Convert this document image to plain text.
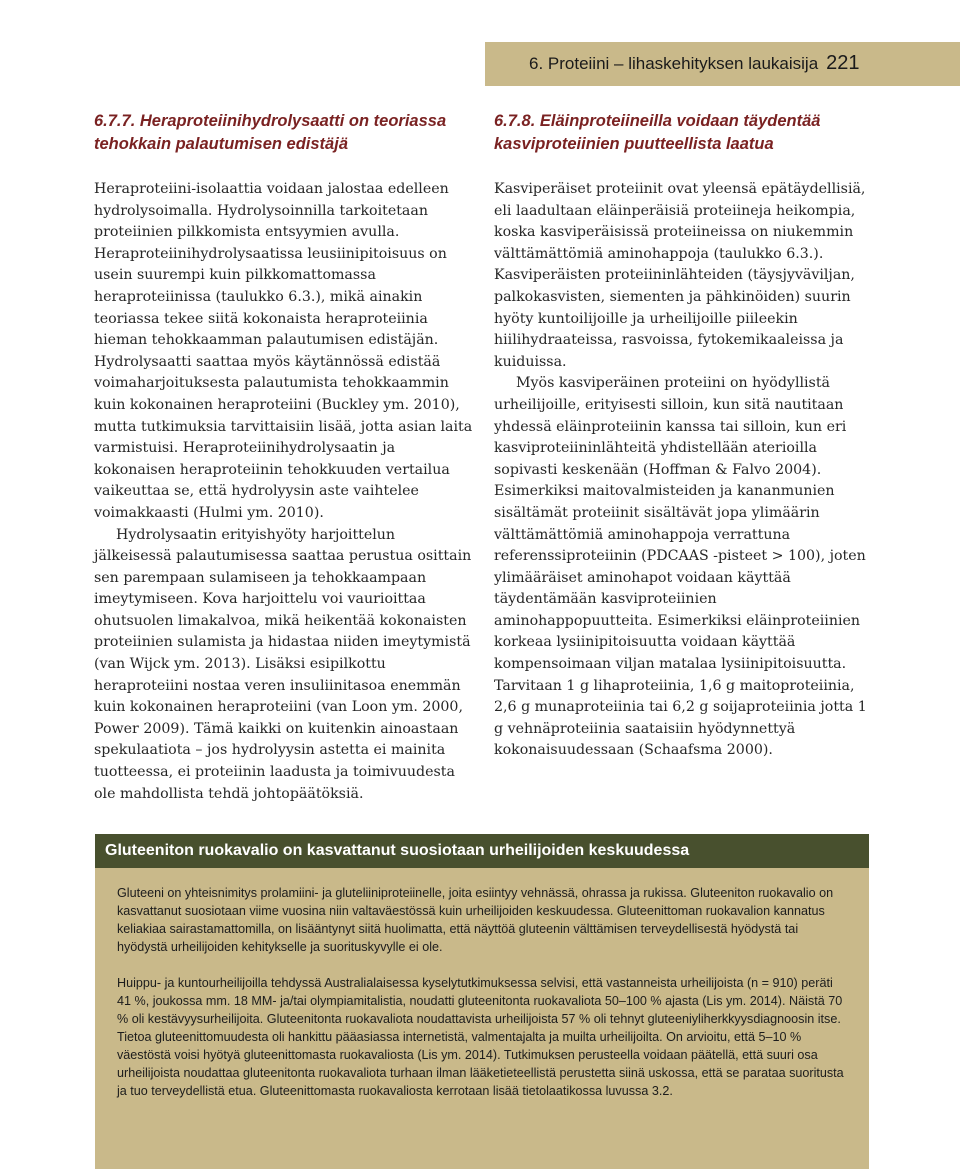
6. Proteiini – lihaskehityksen laukaisija 221
6.7.7. Heraproteiinihydrolysaatti on teoriassa tehokkain palautumisen edistäjä

Heraproteiini-isolaattia voidaan jalostaa edelleen hydrolysoimalla. Hydrolysoinnilla tarkoitetaan proteiinien pilkkomista entsyymien avulla. Heraproteiinihydrolysaatissa leusiinipitoisuus on usein suurempi kuin pilkkomattomassa heraproteiinissa (taulukko 6.3.), mikä ainakin teoriassa tekee siitä kokonaista heraproteiinia hieman tehokkaamman palautumisen edistäjän. Hydrolysaatti saattaa myös käytännössä edistää voimaharjoituksesta palautumista tehokkaammin kuin kokonainen heraproteiini (Buckley ym. 2010), mutta tutkimuksia tarvittaisiin lisää, jotta asian laita varmistuisi. Heraproteiinihydrolysaatin ja kokonaisen heraproteiinin tehokkuuden vertailua vaikeuttaa se, että hydrolyysin aste vaihtelee voimakkaasti (Hulmi ym. 2010).

Hydrolysaatin erityishyöty harjoittelun jälkeisessä palautumisessa saattaa perustua osittain sen parempaan sulamiseen ja tehokkaampaan imeytymiseen. Kova harjoittelu voi vaurioittaa ohutsuolen limakalvoa, mikä heikentää kokonaisten proteiinien sulamista ja hidastaa niiden imeytymistä (van Wijck ym. 2013). Lisäksi esipilkottu heraproteiini nostaa veren insuliinitasoa enemmän kuin kokonainen heraproteiini (van Loon ym. 2000, Power 2009). Tämä kaikki on kuitenkin ainoastaan spekulaatiota – jos hydrolyysin astetta ei mainita tuotteessa, ei proteiinin laadusta ja toimivuudesta ole mahdollista tehdä johtopäätöksiä.

6.7.8. Eläinproteiineilla voidaan täydentää kasviproteiinien puutteellista laatua

Kasviperäiset proteiinit ovat yleensä epätäydellisiä, eli laadultaan eläinperäisiä proteiineja heikompia, koska kasviperäisissä proteiineissa on niukemmin välttämättömiä aminohappoja (taulukko 6.3.). Kasviperäisten proteiininlähteiden (täysjyväviljan, palkokasvisten, siementen ja pähkinöiden) suurin hyöty kuntoilijoille ja urheilijoille piileekin hiilihydraateissa, rasvoissa, fytokemikaaleissa ja kuiduissa.

Myös kasviperäinen proteiini on hyödyllistä urheilijoille, erityisesti silloin, kun sitä nautitaan yhdessä eläinproteiinin kanssa tai silloin, kun eri kasviproteiininlähteitä yhdistellään aterioilla sopivasti keskenään (Hoffman & Falvo 2004). Esimerkiksi maitovalmisteiden ja kananmunien sisältämät proteiinit sisältävät jopa ylimäärin välttämättömiä aminohappoja verrattuna referenssiproteiinin (PDCAAS -pisteet > 100), joten ylimääräiset aminohapot voidaan käyttää täydentämään kasviproteiinien aminohappopuutteita. Esimerkiksi eläinproteiinien korkeaa lysiinipitoisuutta voidaan käyttää kompensoimaan viljan matalaa lysiinipitoisuutta. Tarvitaan 1 g lihaproteiinia, 1,6 g maitoproteiinia, 2,6 g munaproteiinia tai 6,2 g soijaproteiinia jotta 1 g vehnäproteiinia saataisiin hyödynnettyä kokonaisuudessaan (Schaafsma 2000).

Gluteeniton ruokavalio on kasvattanut suosiotaan urheilijoiden keskuudessa

Gluteeni on yhteisnimitys prolamiini- ja gluteliiniproteiinelle, joita esiintyy vehnässä, ohrassa ja rukissa. Gluteeniton ruokavalio on kasvattanut suosiotaan viime vuosina niin valtaväestössä kuin urheilijoiden keskuudessa. Gluteenittoman ruokavalion kannatus keliakiaa sairastamattomilla, on lisääntynyt siitä huolimatta, että näyttöä gluteenin välttämisen terveydellisestä hyödystä tai hyödystä urheilijoiden kehitykselle ja suorituskyvylle ei ole.

Huippu- ja kuntourheilijoilla tehdyssä Australialaisessa kyselytutkimuksessa selvisi, että vastanneista urheilijoista (n = 910) peräti 41 %, joukossa mm. 18 MM- ja/tai olympiamitalistia, noudatti gluteenitonta ruokavaliota 50–100 % ajasta (Lis ym. 2014). Näistä 70 % oli kestävyysurheilijoita. Gluteenitonta ruokavaliota noudattavista urheilijoista 57 % oli tehnyt gluteeniyliherkkyysdiagnoosin itse. Tietoa gluteenittomuudesta oli hankittu pääasiassa internetistä, valmentajalta ja muilta urheilijoilta. On arvioitu, että 5–10 % väestöstä voisi hyötyä gluteenittomasta ruokavaliosta (Lis ym. 2014). Tutkimuksen perusteella voidaan päätellä, että suuri osa urheilijoista noudattaa gluteenitonta ruokavaliota turhaan ilman lääketieteellistä perustetta siinä uskossa, että se parataa suoritusta ja tuo terveydellistä etua. Gluteenittomasta ruokavaliosta kerrotaan lisää tietolaatikossa luvussa 3.2.
